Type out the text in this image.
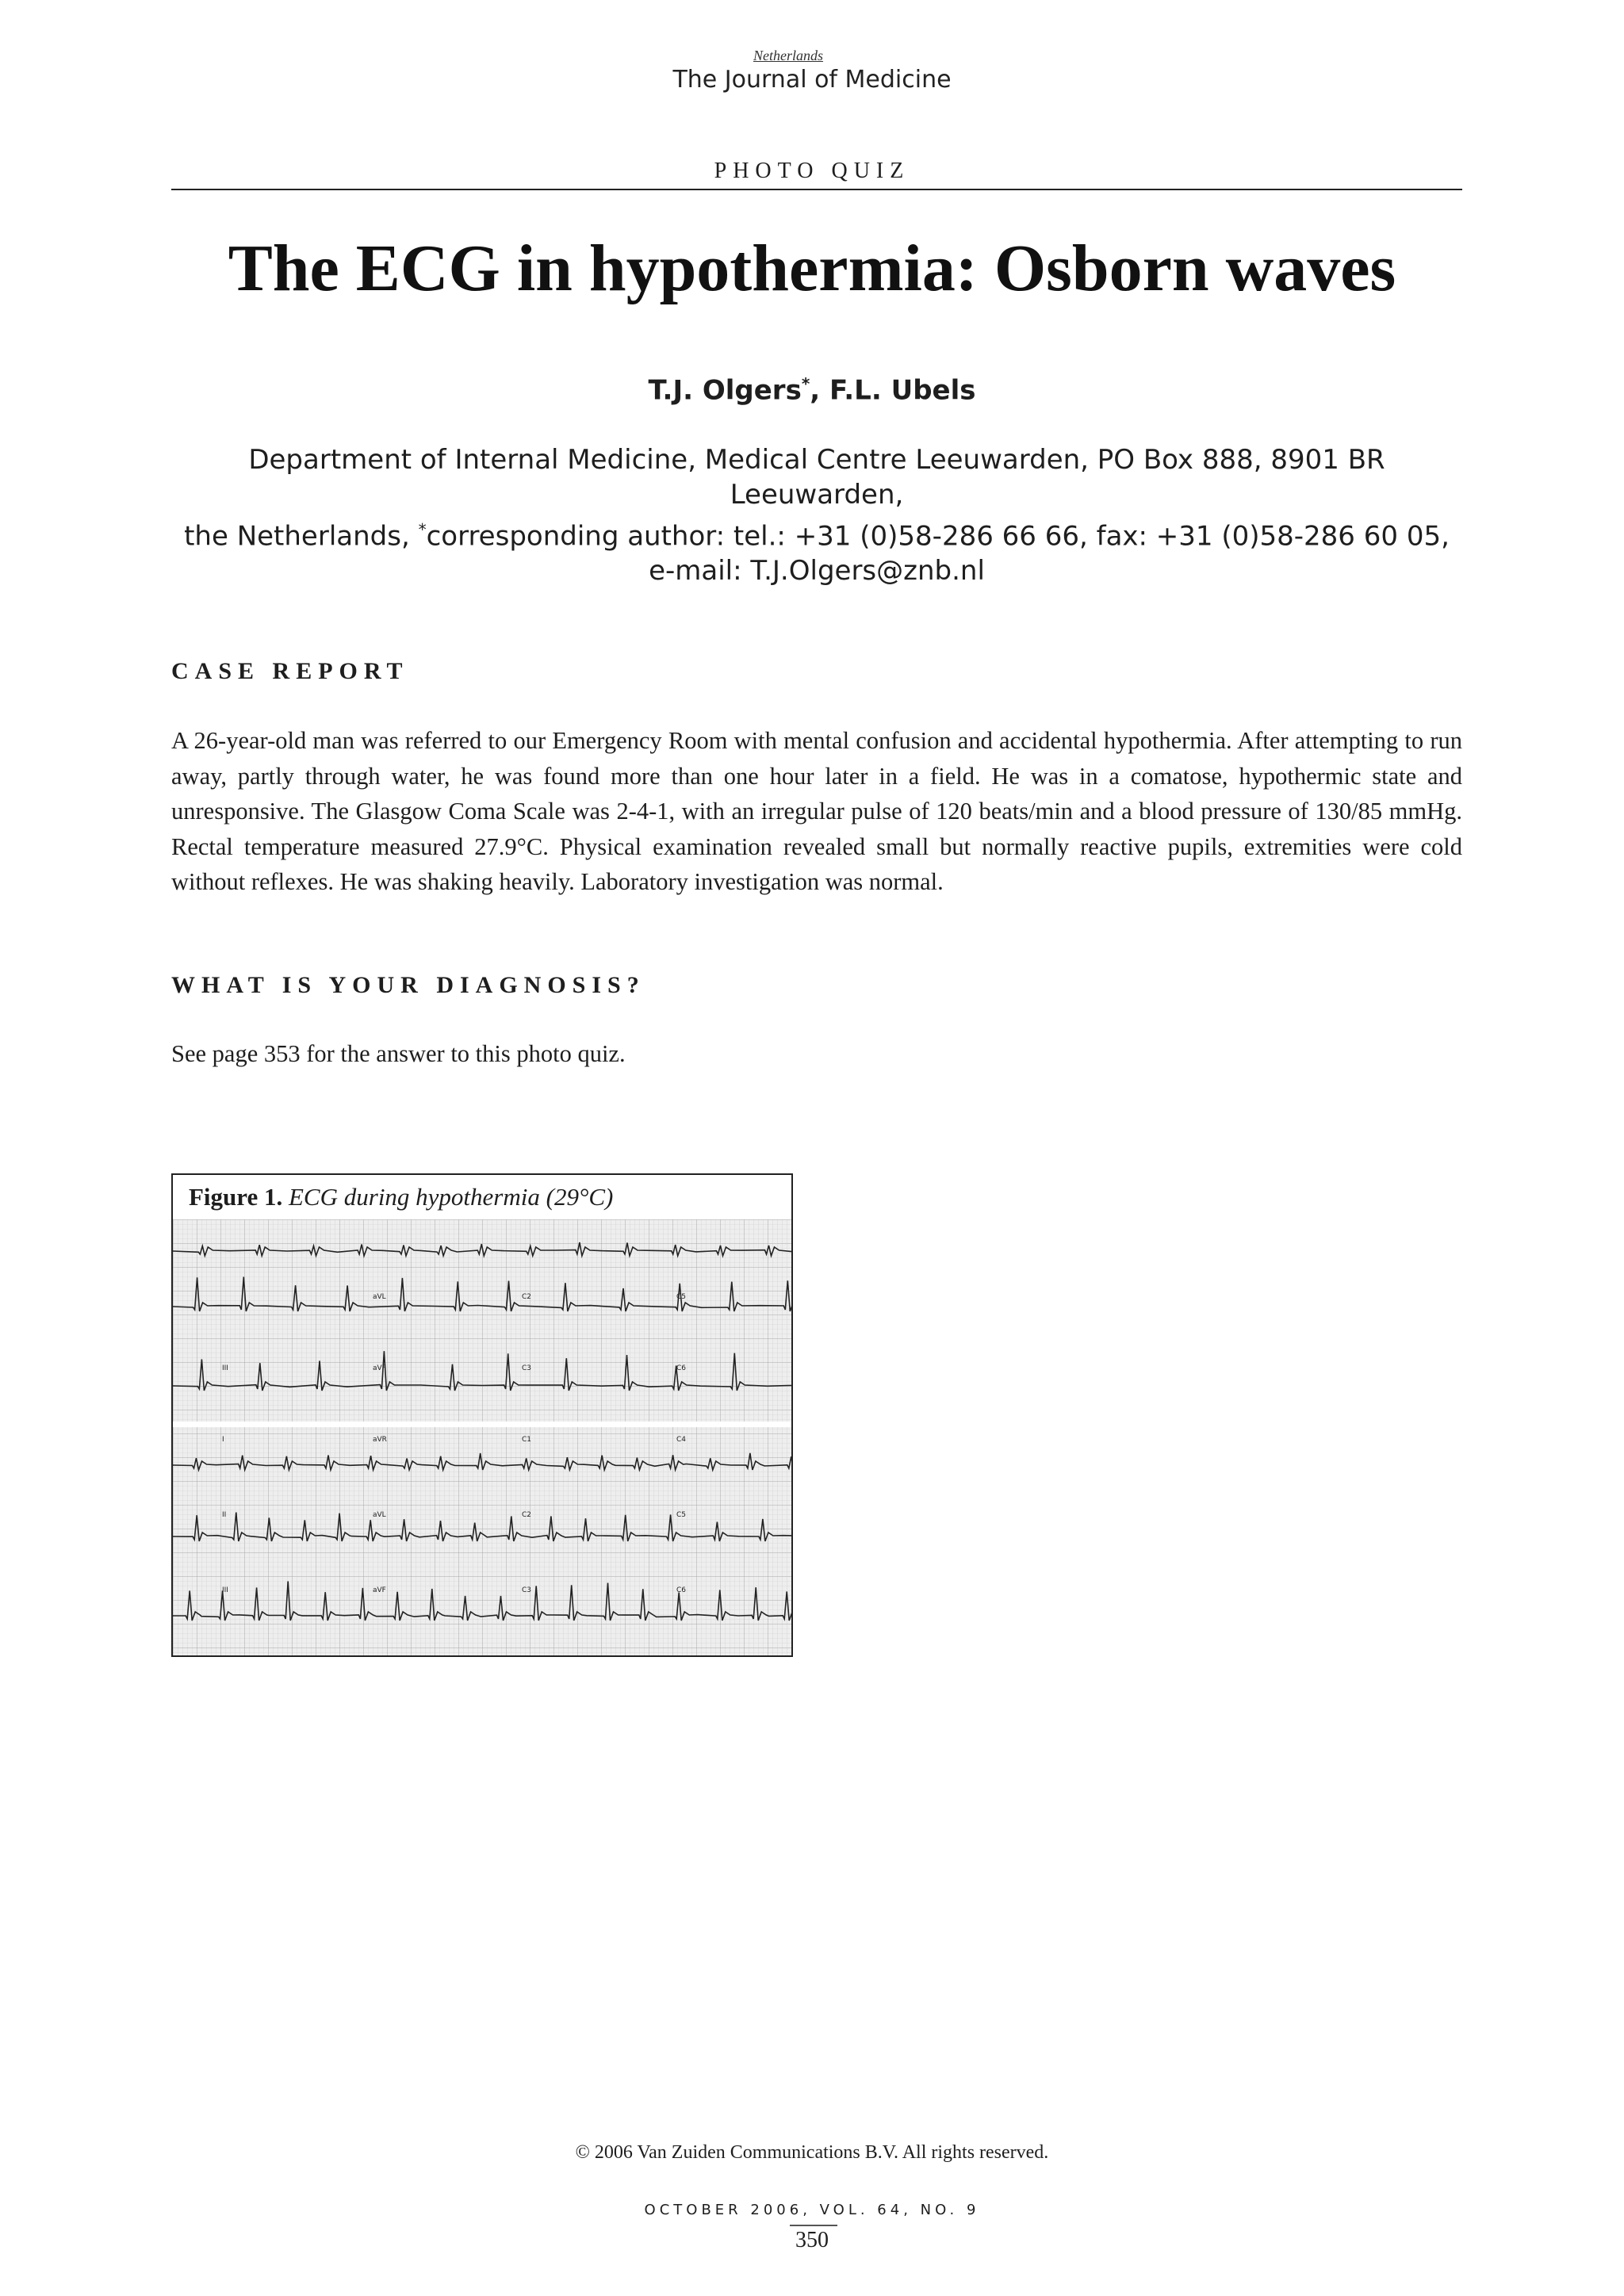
Netherlands
The Journal of Medicine
PHOTO QUIZ
The ECG in hypothermia: Osborn waves
T.J. Olgers*, F.L. Ubels
Department of Internal Medicine, Medical Centre Leeuwarden, PO Box 888, 8901 BR Leeuwarden,
the Netherlands, *corresponding author: tel.: +31 (0)58-286 66 66, fax: +31 (0)58-286 60 05,
e-mail: T.J.Olgers@znb.nl
CASE REPORT
A 26-year-old man was referred to our Emergency Room with mental confusion and accidental hypothermia. After attempting to run away, partly through water, he was found more than one hour later in a field. He was in a comatose, hypothermic state and unresponsive. The Glasgow Coma Scale was 2-4-1, with an irregular pulse of 120 beats/min and a blood pressure of 130/85 mmHg. Rectal temperature measured 27.9°C. Physical examination revealed small but normally reactive pupils, extremities were cold without reflexes. He was shaking heavily. Laboratory investigation was normal.
WHAT IS YOUR DIAGNOSIS?
See page 353 for the answer to this photo quiz.
Figure 1. ECG during hypothermia (29°C)
aVL	C2	C5
III	aVF	C3	C6
I	aVR	C1	C4
II	aVL	C2	C5
III	aVF	C3	C6
© 2006 Van Zuiden Communications B.V. All rights reserved.
OCTOBER 2006, VOL. 64, NO. 9
350
